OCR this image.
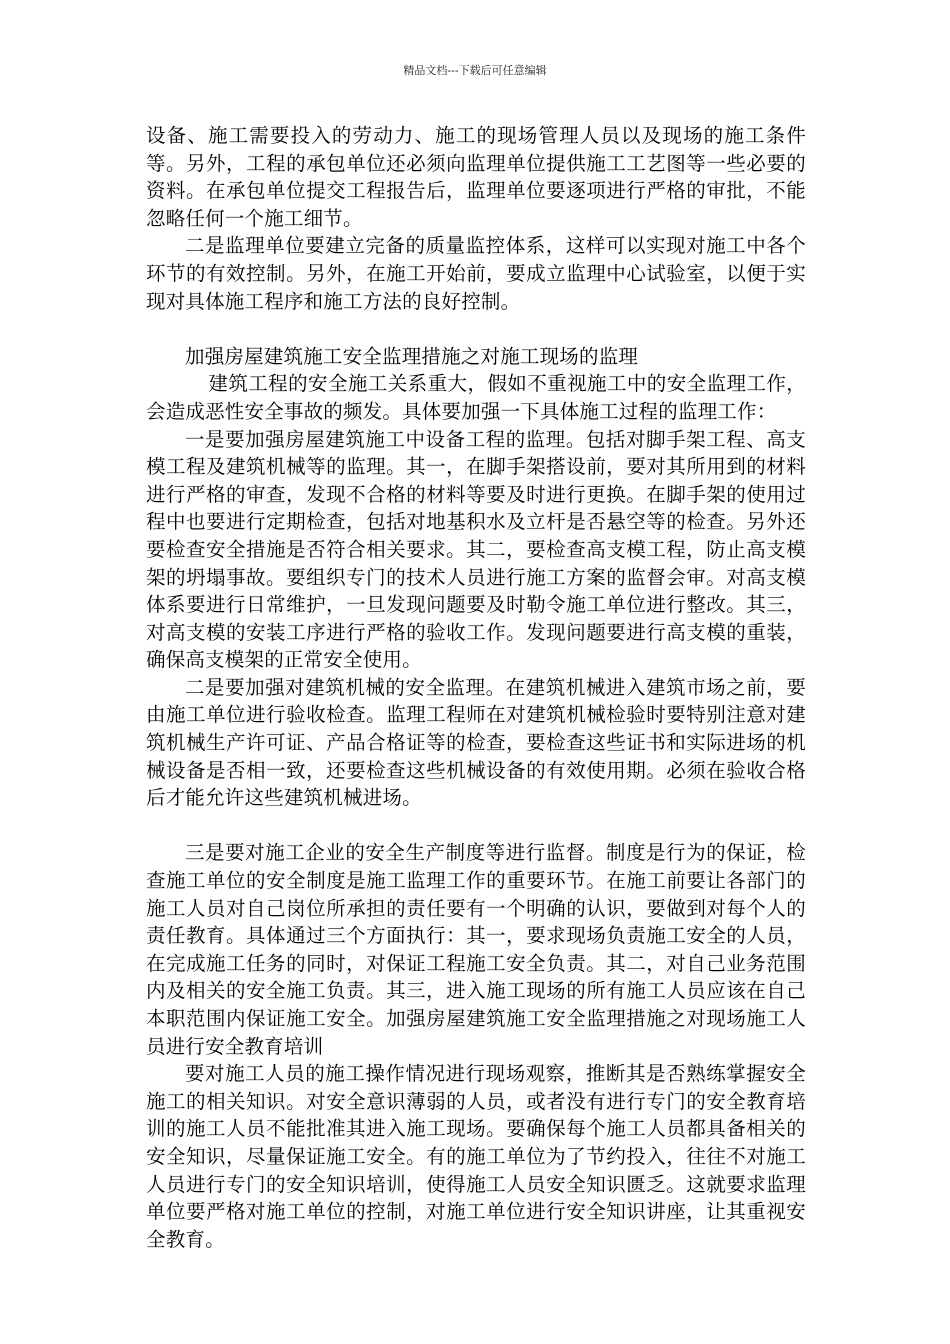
精品文档---下载后可任意编辑

设备、施工需要投入的劳动力、施工的现场管理人员以及现场的施工条件等。另外，工程的承包单位还必须向监理单位提供施工工艺图等一些必要的资料。在承包单位提交工程报告后，监理单位要逐项进行严格的审批，不能忽略任何一个施工细节。

二是监理单位要建立完备的质量监控体系，这样可以实现对施工中各个环节的有效控制。另外，在施工开始前，要成立监理中心试验室，以便于实现对具体施工程序和施工方法的良好控制。

加强房屋建筑施工安全监理措施之对施工现场的监理

建筑工程的安全施工关系重大，假如不重视施工中的安全监理工作，会造成恶性安全事故的频发。具体要加强一下具体施工过程的监理工作：

一是要加强房屋建筑施工中设备工程的监理。包括对脚手架工程、高支模工程及建筑机械等的监理。其一，在脚手架搭设前，要对其所用到的材料进行严格的审查，发现不合格的材料等要及时进行更换。在脚手架的使用过程中也要进行定期检查，包括对地基积水及立杆是否悬空等的检查。另外还要检查安全措施是否符合相关要求。其二，要检查高支模工程，防止高支模架的坍塌事故。要组织专门的技术人员进行施工方案的监督会审。对高支模体系要进行日常维护，一旦发现问题要及时勒令施工单位进行整改。其三，对高支模的安装工序进行严格的验收工作。发现问题要进行高支模的重装，确保高支模架的正常安全使用。

二是要加强对建筑机械的安全监理。在建筑机械进入建筑市场之前，要由施工单位进行验收检查。监理工程师在对建筑机械检验时要特别注意对建筑机械生产许可证、产品合格证等的检查，要检查这些证书和实际进场的机械设备是否相一致，还要检查这些机械设备的有效使用期。必须在验收合格后才能允许这些建筑机械进场。

三是要对施工企业的安全生产制度等进行监督。制度是行为的保证，检查施工单位的安全制度是施工监理工作的重要环节。在施工前要让各部门的施工人员对自己岗位所承担的责任要有一个明确的认识，要做到对每个人的责任教育。具体通过三个方面执行：其一，要求现场负责施工安全的人员，在完成施工任务的同时，对保证工程施工安全负责。其二，对自己业务范围内及相关的安全施工负责。其三，进入施工现场的所有施工人员应该在自己本职范围内保证施工安全。加强房屋建筑施工安全监理措施之对现场施工人员进行安全教育培训

要对施工人员的施工操作情况进行现场观察，推断其是否熟练掌握安全施工的相关知识。对安全意识薄弱的人员，或者没有进行专门的安全教育培训的施工人员不能批准其进入施工现场。要确保每个施工人员都具备相关的安全知识，尽量保证施工安全。有的施工单位为了节约投入，往往不对施工人员进行专门的安全知识培训，使得施工人员安全知识匮乏。这就要求监理单位要严格对施工单位的控制，对施工单位进行安全知识讲座，让其重视安全教育。
